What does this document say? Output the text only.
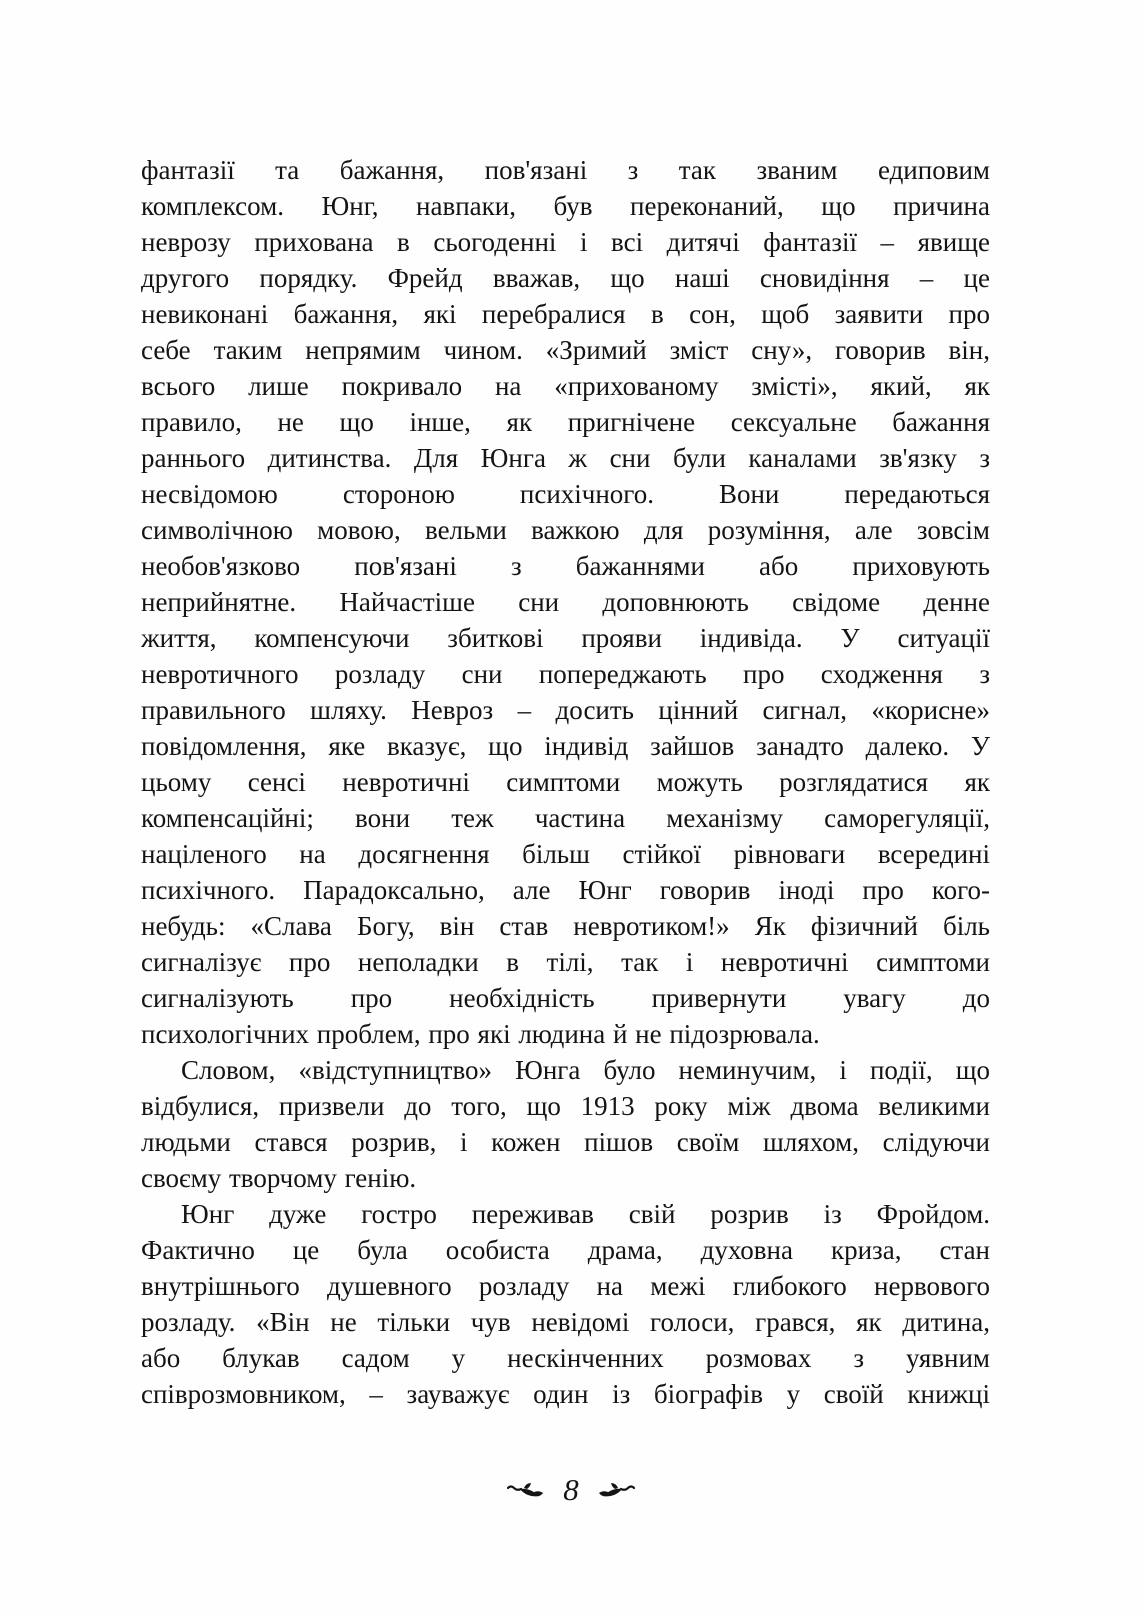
фантазії та бажання, пов'язані з так званим едиповим
комплексом. Юнг, навпаки, був переконаний, що причина
неврозу прихована в сьогоденні і всі дитячі фантазії – явище
другого порядку. Фрейд вважав, що наші сновидіння – це
невиконані бажання, які перебралися в сон, щоб заявити про
себе таким непрямим чином. «Зримий зміст сну», говорив він,
всього лише покривало на «прихованому змісті», який, як
правило, не що інше, як пригнічене сексуальне бажання
раннього дитинства. Для Юнга ж сни були каналами зв'язку з
несвідомою стороною психічного. Вони передаються
символічною мовою, вельми важкою для розуміння, але зовсім
необов'язково пов'язані з бажаннями або приховують
неприйнятне. Найчастіше сни доповнюють свідоме денне
життя, компенсуючи збиткові прояви індивіда. У ситуації
невротичного розладу сни попереджають про сходження з
правильного шляху. Невроз – досить цінний сигнал, «корисне»
повідомлення, яке вказує, що індивід зайшов занадто далеко. У
цьому сенсі невротичні симптоми можуть розглядатися як
компенсаційні; вони теж частина механізму саморегуляції,
націленого на досягнення більш стійкої рівноваги всередині
психічного. Парадоксально, але Юнг говорив іноді про кого-
небудь: «Слава Богу, він став невротиком!» Як фізичний біль
сигналізує про неполадки в тілі, так і невротичні симптоми
сигналізують про необхідність привернути увагу до
психологічних проблем, про які людина й не підозрювала.
Словом, «відступництво» Юнга було неминучим, і події, що
відбулися, призвели до того, що 1913 року між двома великими
людьми стався розрив, і кожен пішов своїм шляхом, слідуючи
своєму творчому генію.
Юнг дуже гостро переживав свій розрив із Фройдом.
Фактично це була особиста драма, духовна криза, стан
внутрішнього душевного розладу на межі глибокого нервового
розладу. «Він не тільки чув невідомі голоси, грався, як дитина,
або блукав садом у нескінченних розмовах з уявним
співрозмовником, – зауважує один із біографів у своїй книжці
8
